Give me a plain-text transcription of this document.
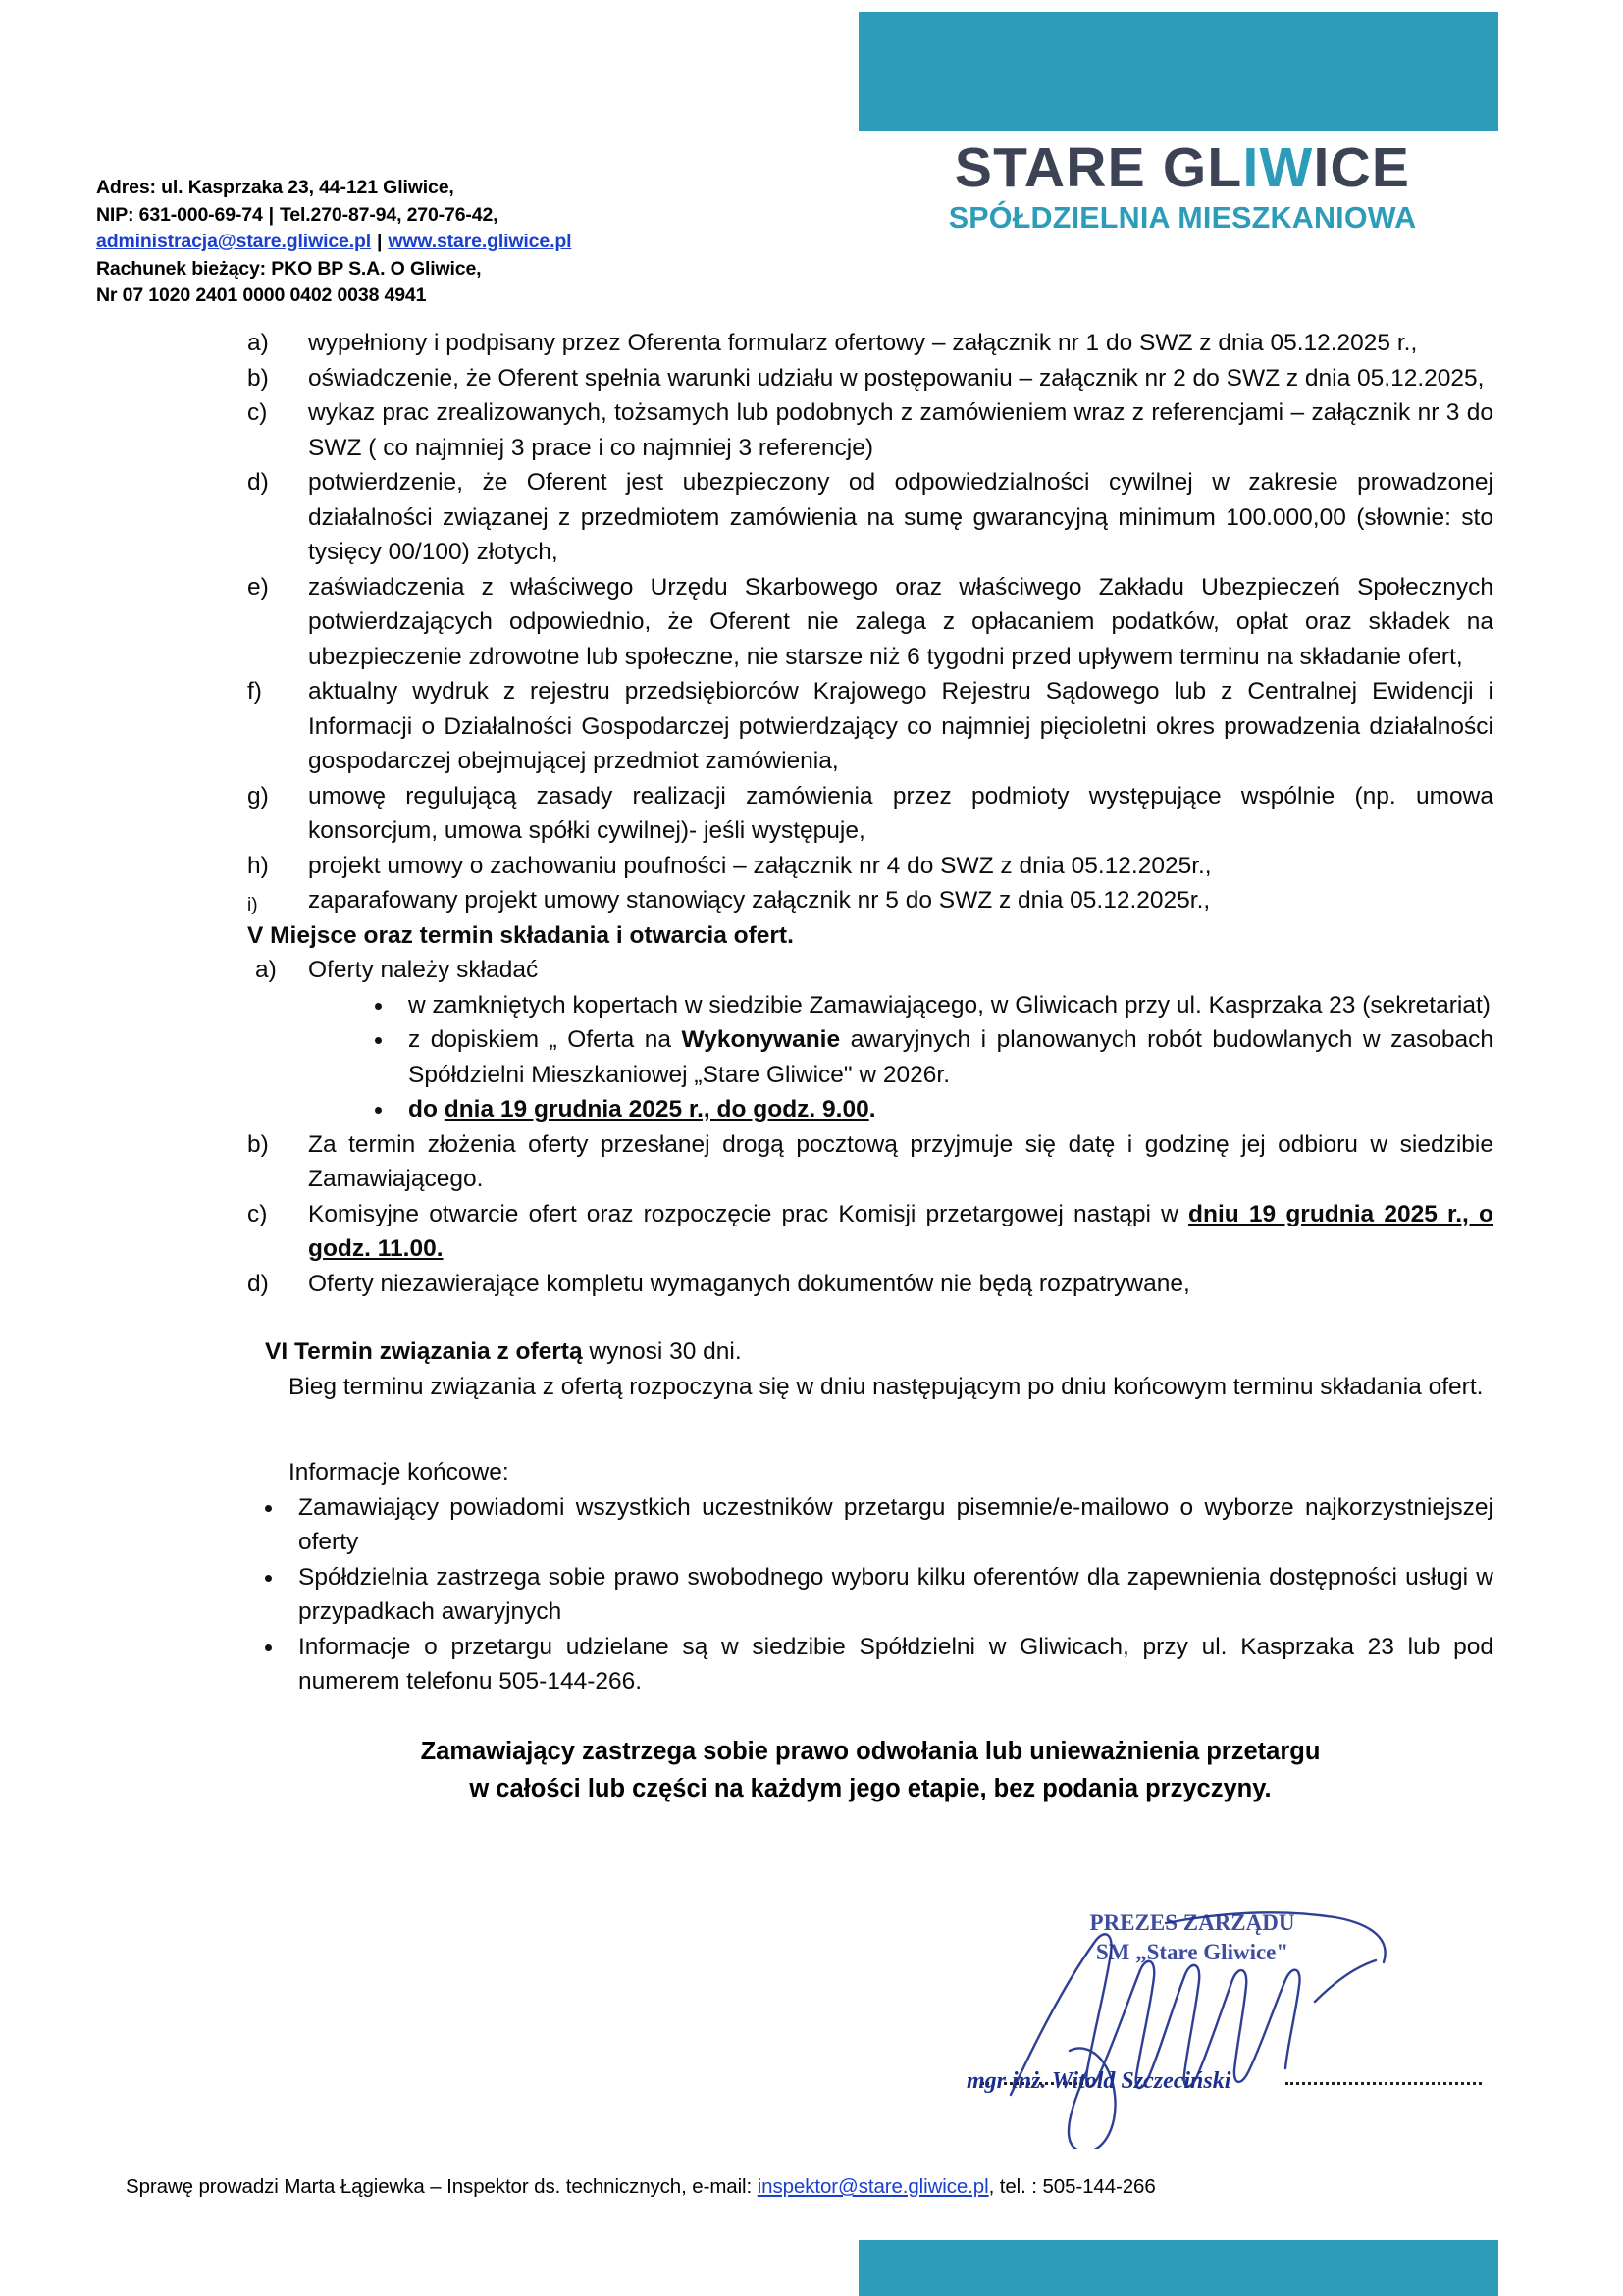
Adres: ul. Kasprzaka 23, 44-121 Gliwice,
NIP: 631-000-69-74 | Tel.270-87-94, 270-76-42,
administracja@stare.gliwice.pl | www.stare.gliwice.pl
Rachunek bieżący: PKO BP S.A. O Gliwice,
Nr 07 1020 2401 0000 0402 0038 4941
STARE GLIWICE
SPÓŁDZIELNIA MIESZKANIOWA
a)	wypełniony i podpisany przez Oferenta formularz ofertowy – załącznik nr 1 do SWZ z dnia 05.12.2025 r.,
b)	oświadczenie, że Oferent spełnia warunki udziału w postępowaniu – załącznik nr 2 do SWZ z dnia 05.12.2025,
c)	wykaz prac zrealizowanych, tożsamych lub podobnych z zamówieniem wraz z referencjami – załącznik nr 3 do SWZ ( co najmniej 3 prace i co najmniej 3 referencje)
d)	potwierdzenie, że Oferent jest ubezpieczony od odpowiedzialności cywilnej w zakresie prowadzonej działalności związanej z przedmiotem zamówienia na sumę gwarancyjną minimum 100.000,00 (słownie: sto tysięcy 00/100) złotych,
e)	zaświadczenia z właściwego Urzędu Skarbowego oraz właściwego Zakładu Ubezpieczeń Społecznych potwierdzających odpowiednio, że Oferent nie zalega z opłacaniem podatków, opłat oraz składek na ubezpieczenie zdrowotne lub społeczne, nie starsze niż 6 tygodni przed upływem terminu na składanie ofert,
f)	aktualny wydruk z rejestru przedsiębiorców Krajowego Rejestru Sądowego lub z Centralnej Ewidencji i Informacji o Działalności Gospodarczej potwierdzający co najmniej pięcioletni okres prowadzenia działalności gospodarczej obejmującej przedmiot zamówienia,
g)	umowę regulującą zasady realizacji zamówienia przez podmioty występujące wspólnie (np. umowa konsorcjum, umowa spółki cywilnej)- jeśli występuje,
h)	projekt umowy o zachowaniu poufności – załącznik nr 4 do SWZ z dnia 05.12.2025r.,
i)	zaparafowany projekt umowy stanowiący załącznik nr 5 do SWZ z dnia 05.12.2025r.,

V Miejsce oraz termin składania i otwarcia ofert.

a) Oferty należy składać
w zamkniętych kopertach w siedzibie Zamawiającego, w Gliwicach przy ul. Kasprzaka 23 (sekretariat)
z dopiskiem „ Oferta na Wykonywanie awaryjnych i planowanych robót budowlanych w zasobach Spółdzielni Mieszkaniowej „Stare Gliwice" w 2026r.
do dnia 19 grudnia 2025 r., do godz. 9.00.
b)	Za termin złożenia oferty przesłanej drogą pocztową przyjmuje się datę i godzinę jej odbioru w siedzibie Zamawiającego.
c)	Komisyjne otwarcie ofert oraz rozpoczęcie prac Komisji przetargowej nastąpi w dniu 19 grudnia 2025 r., o godz. 11.00.
d)	Oferty niezawierające kompletu wymaganych dokumentów nie będą rozpatrywane,

VI Termin związania z ofertą wynosi 30 dni.

Bieg terminu związania z ofertą rozpoczyna się w dniu następującym po dniu końcowym terminu składania ofert.

Informacje końcowe:

Zamawiający powiadomi wszystkich uczestników przetargu pisemnie/e-mailowo o wyborze najkorzystniejszej oferty
Spółdzielnia zastrzega sobie prawo swobodnego wyboru kilku oferentów dla zapewnienia dostępności usługi w przypadkach awaryjnych
Informacje o przetargu udzielane są w siedzibie Spółdzielni w Gliwicach, przy ul. Kasprzaka 23 lub pod numerem telefonu 505-144-266.
Zamawiający zastrzega sobie prawo odwołania lub unieważnienia przetargu
w całości lub części na każdym jego etapie, bez podania przyczyny.
PREZES ZARZĄDU
SM „Stare Gliwice"
mgr inż. Witold Szczeciński
Sprawę prowadzi Marta Łągiewka – Inspektor ds. technicznych, e-mail: inspektor@stare.gliwice.pl, tel. : 505-144-266
